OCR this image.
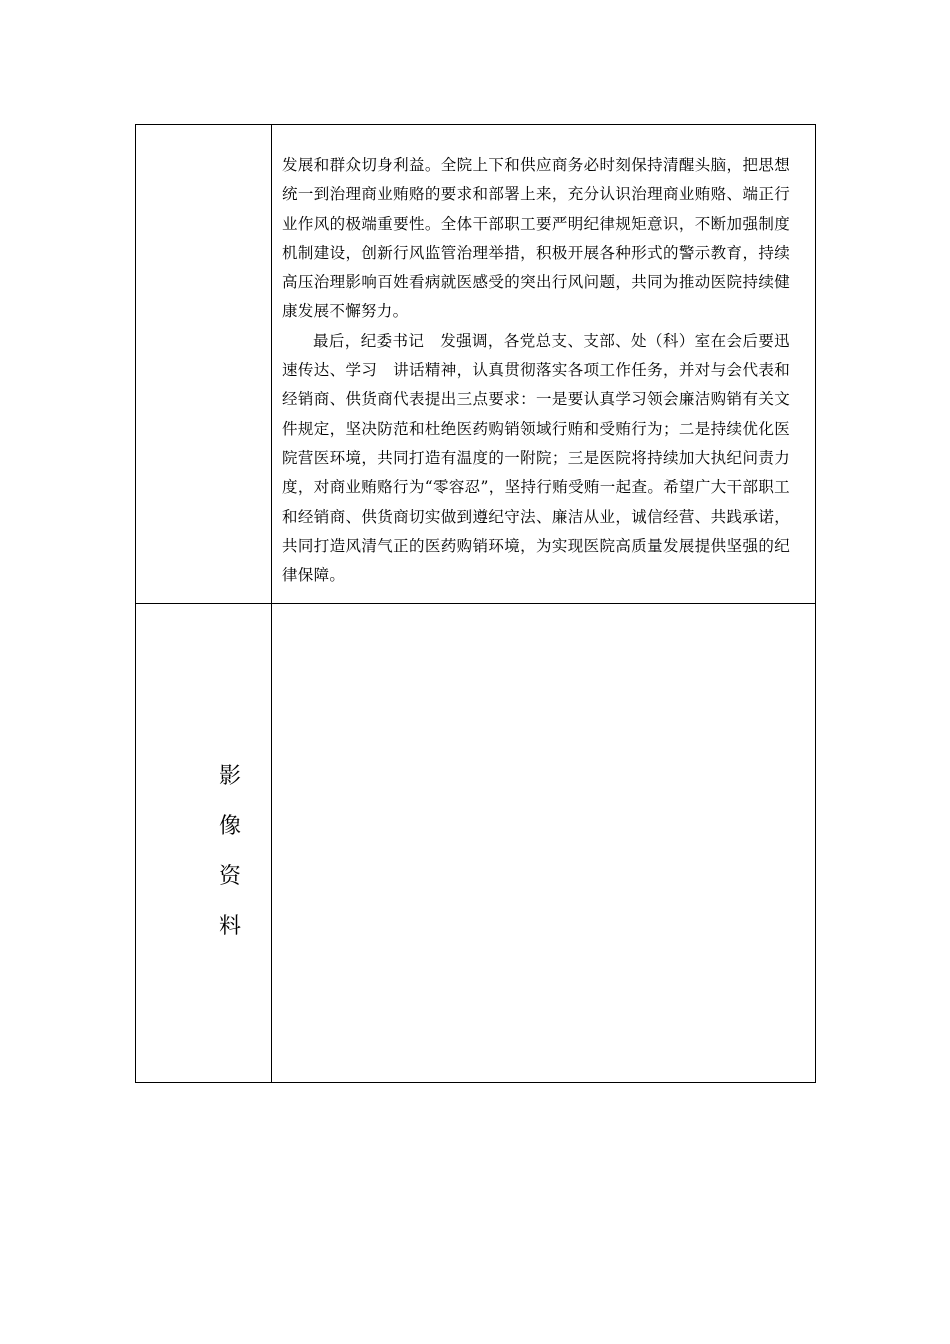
	发展和群众切身利益。全院上下和供应商务必时刻保持清醒头脑，把思想统一到治理商业贿赂的要求和部署上来，充分认识治理商业贿赂、端正行业作风的极端重要性。全体干部职工要严明纪律规矩意识，不断加强制度机制建设，创新行风监管治理举措，积极开展各种形式的警示教育，持续高压治理影响百姓看病就医感受的突出行风问题，共同为推动医院持续健康发展不懈努力。

最后，纪委书记　发强调，各党总支、支部、处（科）室在会后要迅速传达、学习　讲话精神，认真贯彻落实各项工作任务，并对与会代表和经销商、供货商代表提出三点要求：一是要认真学习领会廉洁购销有关文件规定，坚决防范和杜绝医药购销领域行贿和受贿行为；二是持续优化医院营医环境，共同打造有温度的一附院；三是医院将持续加大执纪问责力度，对商业贿赂行为“零容忍”，坚持行贿受贿一起查。希望广大干部职工和经销商、供货商切实做到遵纪守法、廉洁从业，诚信经营、共践承诺，共同打造风清气正的医药购销环境，为实现医院高质量发展提供坚强的纪律保障。

影
像
资
料	
